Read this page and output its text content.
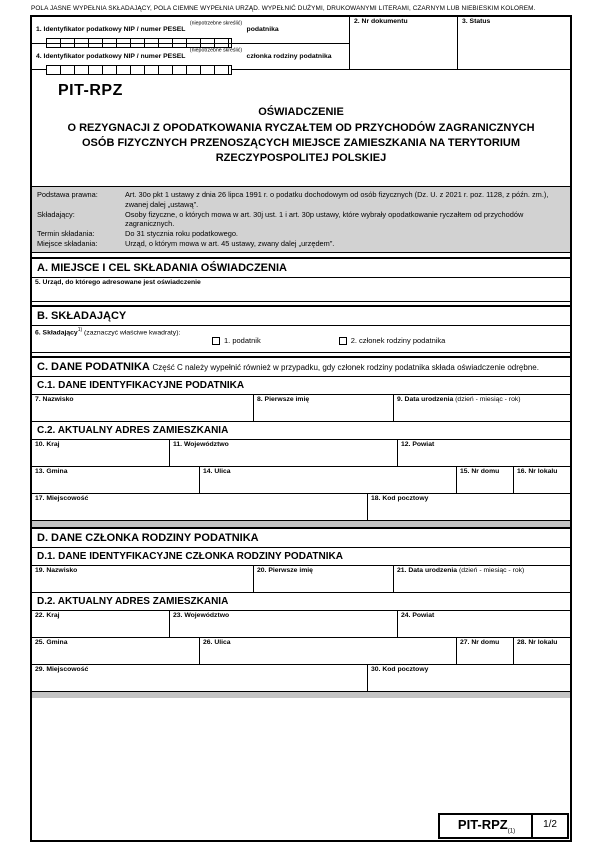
POLA JASNE WYPEŁNIA SKŁADAJĄCY, POLA CIEMNE WYPEŁNIA URZĄD. WYPEŁNIĆ DUŻYMI, DRUKOWANYMI LITERAMI, CZARNYM LUB NIEBIESKIM KOLOREM.
1. Identyfikator podatkowy NIP / numer PESEL $^{(niepotrzebne skreślić)}$ podatnika
4. Identyfikator podatkowy NIP / numer PESEL $^{(niepotrzebne skreślić)}$ członka rodziny podatnika
2. Nr dokumentu	3. Status
PIT-RPZ
OŚWIADCZENIE
O REZYGNACJI Z OPODATKOWANIA RYCZAŁTEM OD PRZYCHODÓW ZAGRANICZNYCH OSÓB FIZYCZNYCH PRZENOSZĄCYCH MIEJSCE ZAMIESZKANIA NA TERYTORIUM RZECZYPOSPOLITEJ POLSKIEJ
Podstawa prawna:	Art. 30o pkt 1 ustawy z dnia 26 lipca 1991 r. o podatku dochodowym od osób fizycznych (Dz. U. z 2021 r. poz. 1128, z późn. zm.), zwanej dalej „ustawą”.
Składający:	Osoby fizyczne, o których mowa w art. 30j ust. 1 i art. 30p ustawy, które wybrały opodatkowanie ryczałtem od przychodów zagranicznych.
Termin składania:	Do 31 stycznia roku podatkowego.
Miejsce składania:	Urząd, o którym mowa w art. 45 ustawy, zwany dalej „urzędem”.
A. MIEJSCE I CEL SKŁADANIA OŚWIADCZENIA
5. Urząd, do którego adresowane jest oświadczenie
B. SKŁADAJĄCY
6. Składający$^{1)}$ (zaznaczyć właściwe kwadraty):
1. podatnik	2. członek rodziny podatnika
C. DANE PODATNIKA Część C należy wypełnić również w przypadku, gdy członek rodziny podatnika składa oświadczenie odrębne.
C.1. DANE IDENTYFIKACYJNE PODATNIKA
7. Nazwisko	8. Pierwsze imię	9. Data urodzenia (dzień - miesiąc - rok)
C.2. AKTUALNY ADRES ZAMIESZKANIA
10. Kraj	11. Województwo	12. Powiat
13. Gmina	14. Ulica	15. Nr domu	16. Nr lokalu
17. Miejscowość	18. Kod pocztowy
D. DANE CZŁONKA RODZINY PODATNIKA
D.1. DANE IDENTYFIKACYJNE CZŁONKA RODZINY PODATNIKA
19. Nazwisko	20. Pierwsze imię	21. Data urodzenia (dzień - miesiąc - rok)
D.2. AKTUALNY ADRES ZAMIESZKANIA
22. Kraj	23. Województwo	24. Powiat
25. Gmina	26. Ulica	27. Nr domu	28. Nr lokalu
29. Miejscowość	30. Kod pocztowy
PIT-$RPZ_{(1)}$
1/2
